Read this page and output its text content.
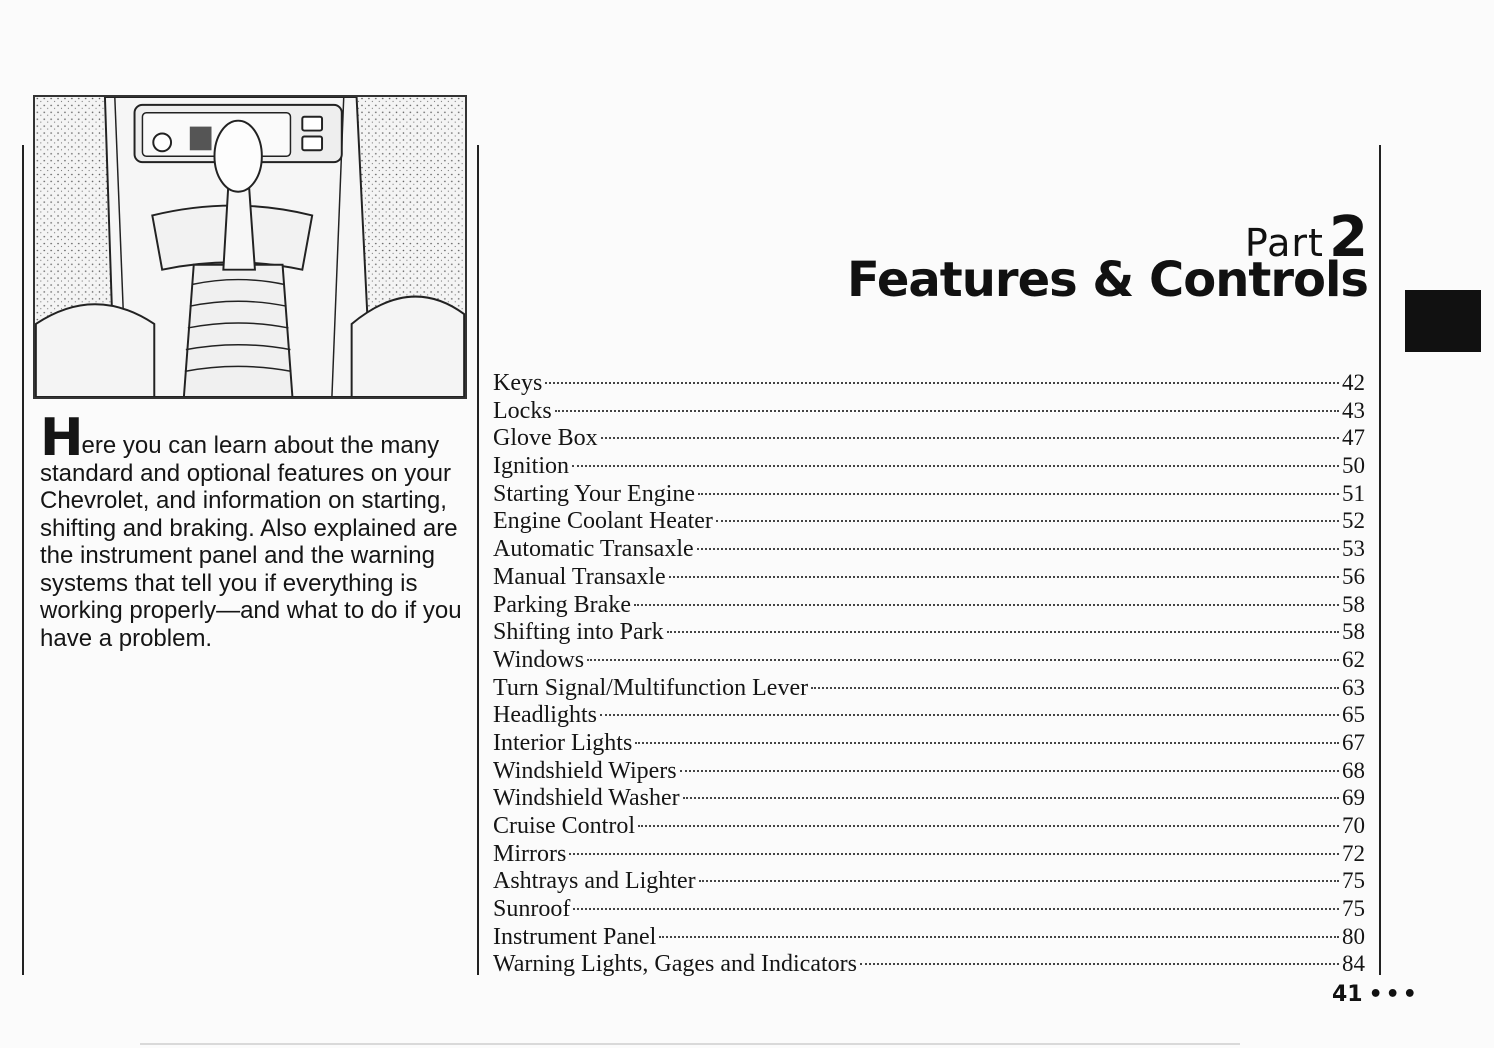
Here you can learn about the many standard and optional features on your Chevrolet, and information on starting, shifting and braking. Also explained are the instrument panel and the warning systems that tell you if everything is working properly—and what to do if you have a problem.
Part 2
Features & Controls
Keys	42
Locks	43
Glove Box	47
Ignition	50
Starting Your Engine	51
Engine Coolant Heater	52
Automatic Transaxle	53
Manual Transaxle	56
Parking Brake	58
Shifting into Park	58
Windows	62
Turn Signal/Multifunction Lever	63
Headlights	65
Interior Lights	67
Windshield Wipers	68
Windshield Washer	69
Cruise Control	70
Mirrors	72
Ashtrays and Lighter	75
Sunroof	75
Instrument Panel	80
Warning Lights, Gages and Indicators	84
41 •••
